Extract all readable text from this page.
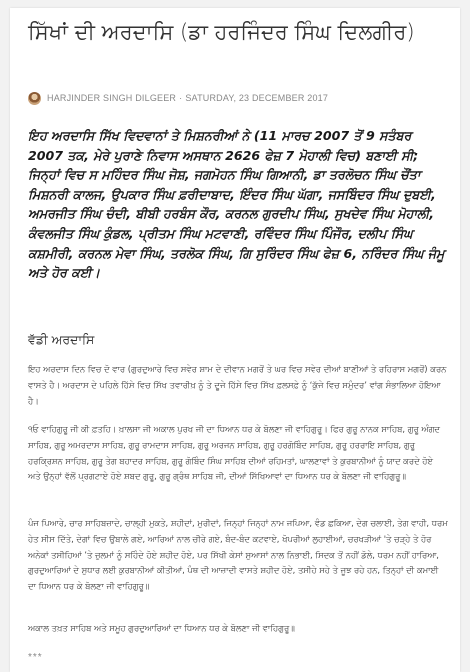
ਸਿੱਖਾਂ ਦੀ ਅਰਦਾਸਿ (ਡਾ ਹਰਜਿੰਦਰ ਸਿੰਘ ਦਿਲਗੀਰ)
HARJINDER SINGH DILGEER · SATURDAY, 23 DECEMBER 2017

ਇਹ ਅਰਦਾਸਿ ਸਿੱਖ ਵਿਦਵਾਨਾਂ ਤੇ ਮਿਸ਼ਨਰੀਆਂ ਨੇ (11 ਮਾਰਚ 2007 ਤੋਂ 9 ਸਤੰਬਰ 2007 ਤਕ, ਮੇਰੇ ਪੁਰਾਣੇ ਨਿਵਾਸ ਅਸਥਾਨ 2626 ਫੇਜ਼ 7 ਮੋਹਾਲੀ ਵਿਚ) ਬਣਾਈ ਸੀ; ਜਿਨ੍ਹਾਂ ਵਿਚ ਸ ਮਹਿੰਦਰ ਸਿੰਘ ਜੋਸ਼, ਜਗਮੋਹਨ ਸਿੰਘ ਗਿਆਨੀ, ਡਾ ਤਰਲੋਚਨ ਸਿੰਘ ਚੌਂਤਾ ਮਿਸ਼ਨਰੀ ਕਾਲਜ, ਉਪਕਾਰ ਸਿੰਘ ਫ਼ਰੀਦਾਬਾਦ, ਇੰਦਰ ਸਿੰਘ ਘੱਗਾ, ਜਸਬਿੰਦਰ ਸਿੰਘ ਦੁਬਈ, ਅਮਰਜੀਤ ਸਿੰਘ ਚੰਦੀ, ਬੀਬੀ ਹਰਬੰਸ ਕੌਰ, ਕਰਨਲ ਗੁਰਦੀਪ ਸਿੰਘ, ਸੁਖਦੇਵ ਸਿੰਘ ਮੋਹਾਲੀ, ਕੰਵਲਜੀਤ ਸਿੰਘ ਕੁੰਡਲ, ਪ੍ਰੀਤਮ ਸਿੰਘ ਮਟਵਾਣੀ, ਰਵਿੰਦਰ ਸਿੰਘ ਪਿੰਜੌਰ, ਦਲੀਪ ਸਿੰਘ ਕਸ਼ਮੀਰੀ, ਕਰਨਲ ਮੇਵਾ ਸਿੰਘ, ਤਰਲੋਕ ਸਿੰਘ, ਗਿ ਸੁਰਿੰਦਰ ਸਿੰਘ ਫੇਜ਼ 6, ਨਰਿੰਦਰ ਸਿੰਘ ਜੰਮੂ ਅਤੇ ਹੋਰ ਕਈ।

ਵੱਡੀ ਅਰਦਾਸਿ

ਇਹ ਅਰਦਾਸ ਦਿਨ ਵਿਚ ਦੋ ਵਾਰ (ਗੁਰਦੁਆਰੇ ਵਿਚ ਸਵੇਰ ਸ਼ਾਮ ਦੇ ਦੀਵਾਨ ਮਗਰੋਂ ਤੇ ਘਰ ਵਿਚ ਸਵੇਰ ਦੀਆਂ ਬਾਣੀਆਂ ਤੇ ਰਹਿਰਾਸ ਮਗਰੋਂ) ਕਰਨ ਵਾਸਤੇ ਹੈ। ਅਰਦਾਸ ਦੇ ਪਹਿਲੇ ਹਿੱਸੇ ਵਿਚ ਸਿੱਖ ਤਵਾਰੀਖ਼ ਨੂੰ ਤੇ ਦੂਜੇ ਹਿੱਸੇ ਵਿਚ ਸਿੱਖ ਫ਼ਲਸਫ਼ੇ ਨੂੰ ‘ਕੁੱਜੇ ਵਿਚ ਸਮੁੰਦਰ’ ਵਾਂਗ ਸੰਭਾਲਿਆ ਹੋਇਆ ਹੈ।

੧ਓ ਵਾਹਿਗੁਰੂ ਜੀ ਕੀ ਫ਼ਤਹਿ। ਖ਼ਾਲਸਾ ਜੀ ਅਕਾਲ ਪੁਰਖ ਜੀ ਦਾ ਧਿਆਨ ਧਰ ਕੇ ਬੋਲਣਾ ਜੀ ਵਾਹਿਗੁਰੂ। ਫਿਰ ਗੁਰੂ ਨਾਨਕ ਸਾਹਿਬ, ਗੁਰੂ ਅੰਗਦ ਸਾਹਿਬ, ਗੁਰੂ ਅਮਰਦਾਸ ਸਾਹਿਬ, ਗੁਰੂ ਰਾਮਦਾਸ ਸਾਹਿਬ, ਗੁਰੂ ਅਰਜਨ ਸਾਹਿਬ, ਗੁਰੂ ਹਰਗੋਬਿੰਦ ਸਾਹਿਬ, ਗੁਰੂ ਹਰਰਾਇ ਸਾਹਿਬ, ਗੁਰੂ ਹਰਕ੍ਰਿਸ਼ਨ ਸਾਹਿਬ, ਗੁਰੂ ਤੇਗ ਬਹਾਦਰ ਸਾਹਿਬ, ਗੁਰੂ ਗੋਬਿੰਦ ਸਿੰਘ ਸਾਹਿਬ ਦੀਆਂ ਰਹਿਮਤਾਂ, ਘਾਲਣਾਵਾਂ ਤੇ ਕੁਰਬਾਨੀਆਂ ਨੂੰ ਯਾਦ ਕਰਦੇ ਹੋਏ ਅਤੇ ਉਨ੍ਹਾਂ ਵੱਲੋਂ ਪ੍ਰਗਟਾਏ ਹੋਏ ਸ਼ਬਦ ਗੁਰੂ, ਗੁਰੂ ਗ੍ਰੰਥ ਸਾਹਿਬ ਜੀ, ਦੀਆਂ ਸਿੱਖਿਆਵਾਂ ਦਾ ਧਿਆਨ ਧਰ ਕੇ ਬੋਲਣਾ ਜੀ ਵਾਹਿਗੁਰੂ॥

ਪੰਜ ਪਿਆਰੇ, ਚਾਰ ਸਾਹਿਬਜ਼ਾਦੇ, ਚਾਲ੍ਹੀ ਮੁਕਤੇ, ਸ਼ਹੀਦਾਂ, ਮੁਰੀਦਾਂ, ਜਿਨ੍ਹਾਂ ਜਿਨ੍ਹਾਂ ਨਾਮ ਜਪਿਆ, ਵੰਡ ਛਕਿਆ, ਦੇਗ ਚਲਾਈ, ਤੇਗ ਵਾਹੀ, ਧਰਮ ਹੇਤ ਸੀਸ ਦਿੱਤੇ, ਦੇਗਾਂ ਵਿਚ ਉਬਾਲੇ ਗਏ, ਆਰਿਆਂ ਨਾਲ ਚੀਰੇ ਗਏ, ਬੰਦ-ਬੰਦ ਕਟਵਾਏ, ਖੋਪਰੀਆਂ ਲੁਹਾਈਆਂ, ਚਰਖੜੀਆਂ 'ਤੇ ਚੜ੍ਹੇ ਤੇ ਹੋਰ ਅਨੇਕਾਂ ਤਸੀਹਿਆਂ ’ਤੇ ਜ਼ੁਲਮਾਂ ਨੂੰ ਸਹਿੰਦੇ ਹੋਏ ਸ਼ਹੀਦ ਹੋਏ, ਪਰ ਸਿੱਖੀ ਕੇਸਾਂ ਸੁਆਸਾਂ ਨਾਲ ਨਿਭਾਈ, ਸਿਦਕ ਤੋਂ ਨਹੀਂ ਡੋਲੇ, ਧਰਮ ਨਹੀਂ ਹਾਰਿਆ, ਗੁਰਦੁਆਰਿਆਂ ਦੇ ਸੁਧਾਰ ਲਈ ਕੁਰਬਾਨੀਆਂ ਕੀਤੀਆਂ, ਪੰਥ ਦੀ ਆਜ਼ਾਦੀ ਵਾਸਤੇ ਸ਼ਹੀਦ ਹੋਏ, ਤਸੀਹੇ ਸਹੇ ਤੇ ਜੂਝ ਰਹੇ ਹਨ, ਤਿਨ੍ਹਾਂ ਦੀ ਕਮਾਈ ਦਾ ਧਿਆਨ ਧਰ ਕੇ ਬੋਲਣਾ ਜੀ ਵਾਹਿਗੁਰੂ॥

ਅਕਾਲ ਤਖ਼ਤ ਸਾਹਿਬ ਅਤੇ ਸਮੂਹ ਗੁਰਦੁਆਰਿਆਂ ਦਾ ਧਿਆਨ ਧਰ ਕੇ ਬੋਲਣਾ ਜੀ ਵਾਹਿਗੁਰੂ॥

***
